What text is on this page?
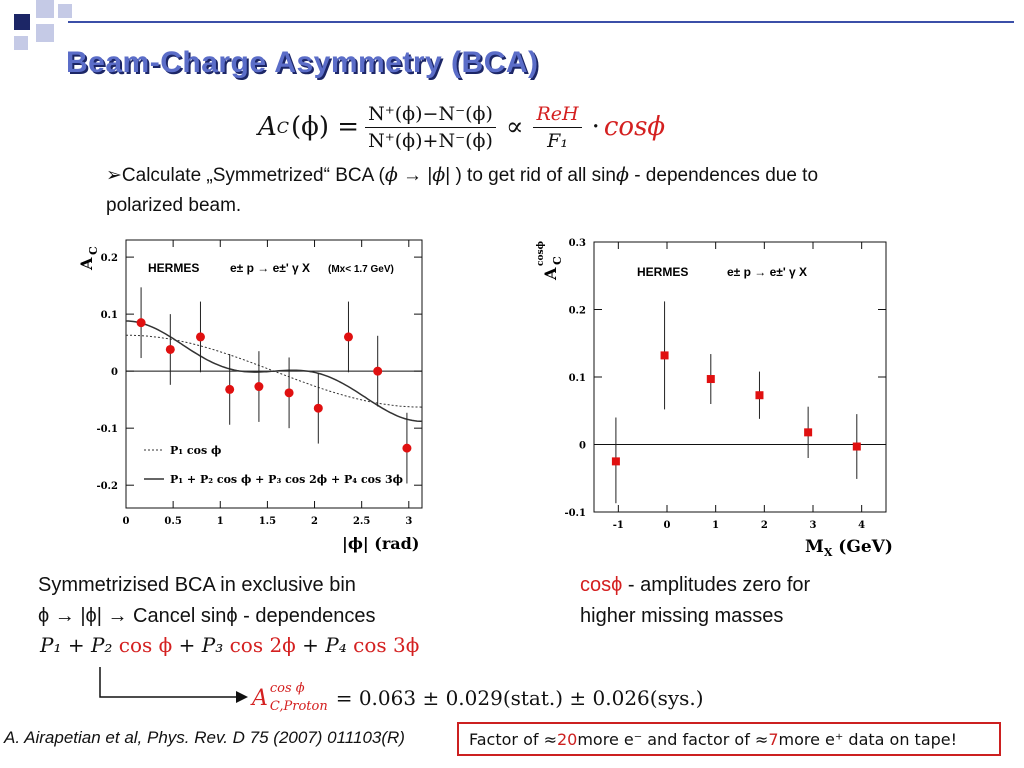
Beam-Charge Asymmetry (BCA)
A C $(\phi) = \frac{N^+(\phi)-N^-(\phi)}{N^+(\phi)+N^-(\phi)} \propto \frac{\text{ReH}}{\text{F₁}} \cdot \cos\phi$
➢Calculate „Symmetrized“ BCA (ϕ → |ϕ| ) to get rid of all sinϕ - dependences due to polarized beam.
0	0.5	1	1.5	2	2.5	3
0.2
0.1
0
-0.1
-0.2
HERMES	e± p → e±' γ X (Mx< 1.7 GeV)
A
C
|ϕ| (rad)
P₁ cos ϕ
P₁ + P₂ cos ϕ + P₃ cos 2ϕ + P₄ cos 3ϕ
-1	0	1	2	3	4
0.3
0.2
0.1
0
-0.1
HERMES	e± p → e±' γ X
A
C
cosϕ
$M_X$ (GeV)
Symmetrizised BCA in exclusive bin
ϕ → |ϕ| → Cancel sinϕ - dependences
cosϕ - amplitudes zero for
higher missing masses
P₁ + P₂ cos ϕ + P₃ cos 2ϕ + P₄ cos 3ϕ
A cos ϕ
C,Proton = 0.063 ± 0.029(stat.) ± 0.026(sys.)
A. Airapetian et al, Phys. Rev. D 75 (2007) 011103(R)	Factor of ≈ 20 more e⁻ and factor of ≈ 7 more e⁺ data on tape!
